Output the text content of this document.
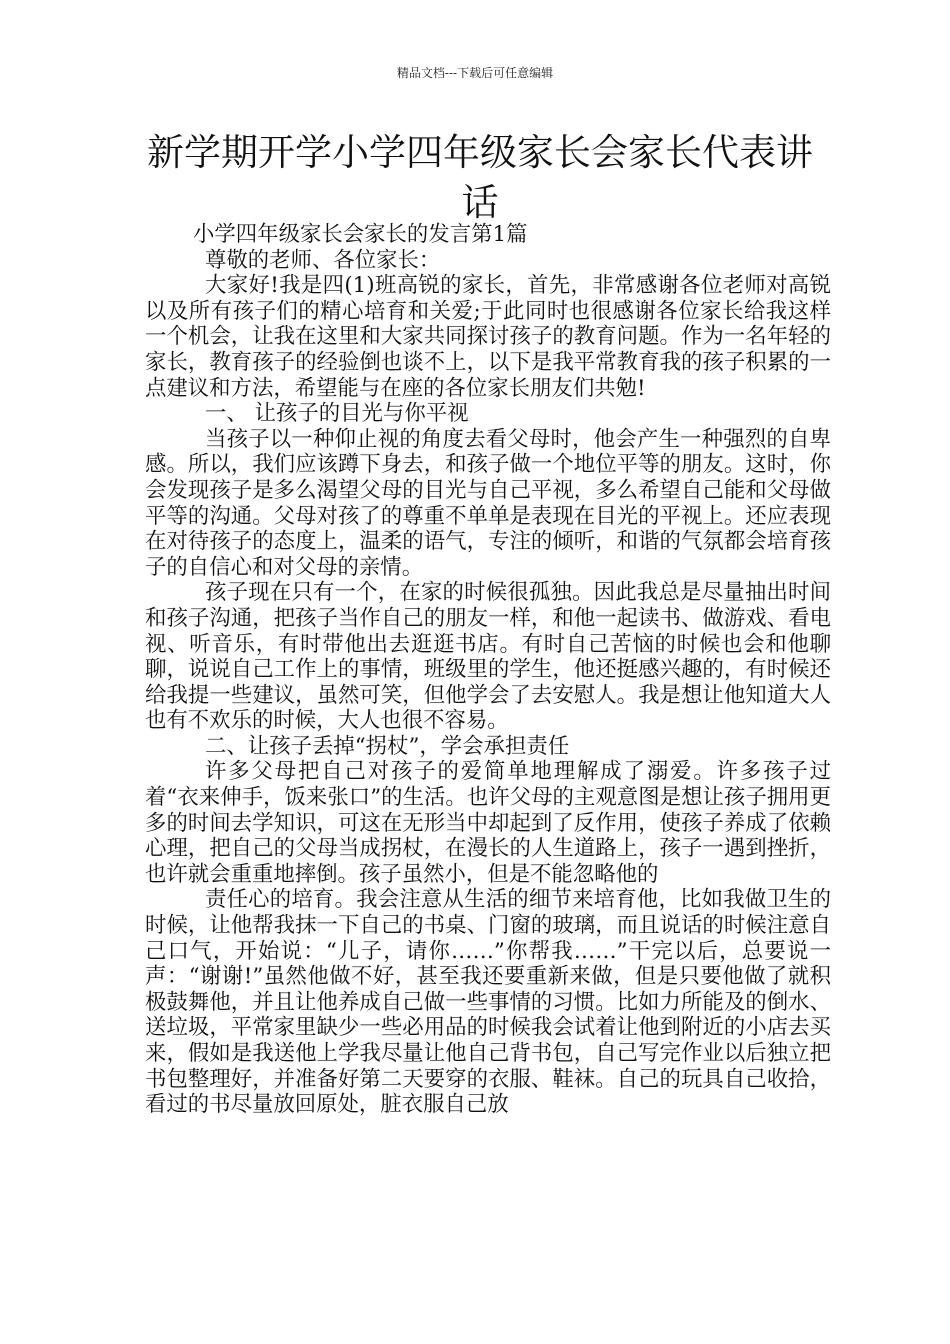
精品文档---下载后可任意编辑
新学期开学小学四年级家长会家长代表讲话

小学四年级家长会家长的发言第1篇

尊敬的老师、各位家长：

大家好!我是四(1)班高锐的家长，首先，非常感谢各位老师对高锐以及所有孩子们的精心培育和关爱;于此同时也很感谢各位家长给我这样一个机会，让我在这里和大家共同探讨孩子的教育问题。作为一名年轻的家长，教育孩子的经验倒也谈不上，以下是我平常教育我的孩子积累的一点建议和方法，希望能与在座的各位家长朋友们共勉!

一、 让孩子的目光与你平视

当孩子以一种仰止视的角度去看父母时，他会产生一种强烈的自卑感。所以，我们应该蹲下身去，和孩子做一个地位平等的朋友。这时，你会发现孩子是多么渴望父母的目光与自己平视，多么希望自己能和父母做平等的沟通。父母对孩了的尊重不单单是表现在目光的平视上。还应表现在对待孩子的态度上，温柔的语气，专注的倾听，和谐的气氛都会培育孩子的自信心和对父母的亲情。

孩子现在只有一个，在家的时候很孤独。因此我总是尽量抽出时间和孩子沟通，把孩子当作自己的朋友一样，和他一起读书、做游戏、看电视、听音乐，有时带他出去逛逛书店。有时自己苦恼的时候也会和他聊聊，说说自己工作上的事情，班级里的学生，他还挺感兴趣的，有时候还给我提一些建议，虽然可笑，但他学会了去安慰人。我是想让他知道大人也有不欢乐的时候，大人也很不容易。

二、让孩子丢掉“拐杖”，学会承担责任

许多父母把自己对孩子的爱简单地理解成了溺爱。许多孩子过着“衣来伸手，饭来张口”的生活。也许父母的主观意图是想让孩子拥用更多的时间去学知识，可这在无形当中却起到了反作用，使孩子养成了依赖心理，把自己的父母当成拐杖，在漫长的人生道路上，孩子一遇到挫折，也许就会重重地摔倒。孩子虽然小，但是不能忽略他的

责任心的培育。我会注意从生活的细节来培育他，比如我做卫生的时候，让他帮我抹一下自己的书桌、门窗的玻璃，而且说话的时候注意自己口气，开始说：“儿子，请你……”你帮我……”干完以后，总要说一声：“谢谢!”虽然他做不好，甚至我还要重新来做，但是只要他做了就积极鼓舞他，并且让他养成自己做一些事情的习惯。比如力所能及的倒水、送垃圾，平常家里缺少一些必用品的时候我会试着让他到附近的小店去买来，假如是我送他上学我尽量让他自己背书包，自己写完作业以后独立把书包整理好，并准备好第二天要穿的衣服、鞋袜。自己的玩具自己收拾，看过的书尽量放回原处，脏衣服自己放
